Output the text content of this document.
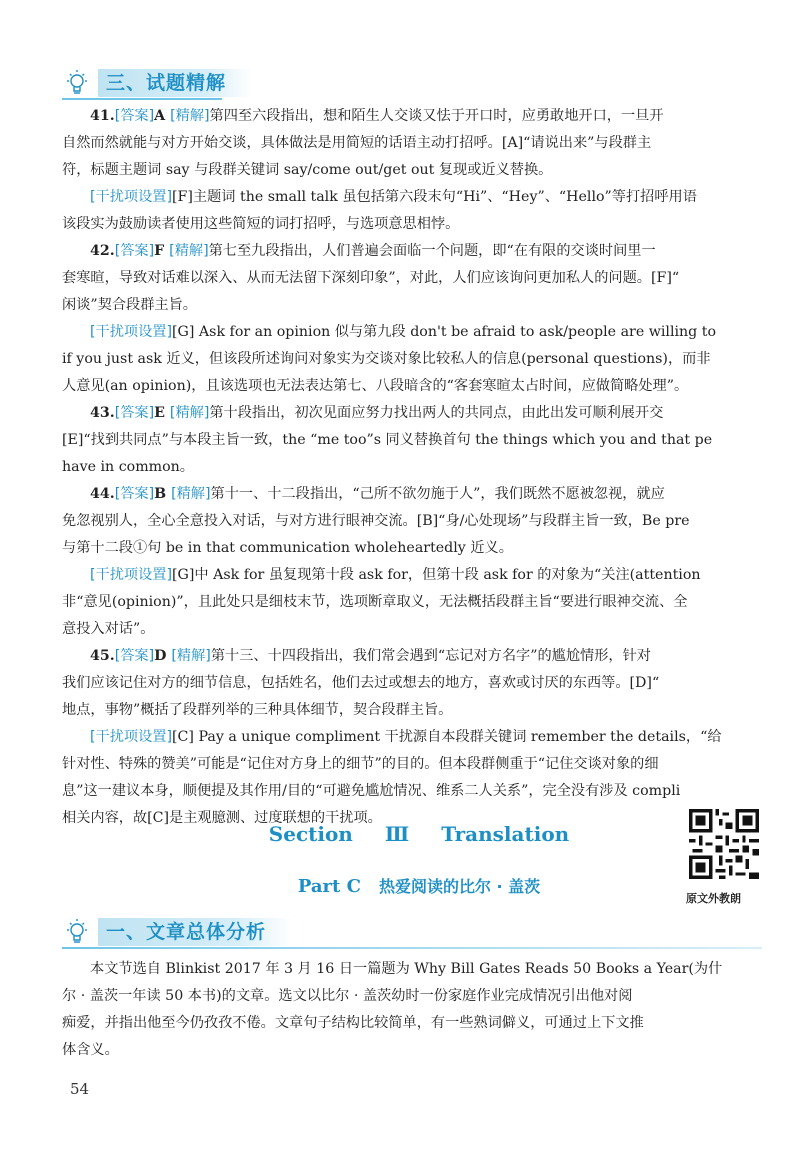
三、试题精解
41.[答案]A [精解]第四至六段指出，想和陌生人交谈又怯于开口时，应勇敢地开口，一旦开
自然而然就能与对方开始交谈，具体做法是用简短的话语主动打招呼。[A]“请说出来”与段群主
符，标题主题词 say 与段群关键词 say/come out/get out 复现或近义替换。
[干扰项设置][F]主题词 the small talk 虽包括第六段末句“Hi”、“Hey”、“Hello”等打招呼用语
该段实为鼓励读者使用这些简短的词打招呼，与选项意思相悖。
42.[答案]F [精解]第七至九段指出，人们普遍会面临一个问题，即“在有限的交谈时间里一
套寒暄，导致对话难以深入、从而无法留下深刻印象”，对此，人们应该询问更加私人的问题。[F]“
闲谈”契合段群主旨。
[干扰项设置][G] Ask for an opinion 似与第九段 don't be afraid to ask/people are willing to
if you just ask 近义，但该段所述询问对象实为交谈对象比较私人的信息(personal questions)，而非
人意见(an opinion)，且该选项也无法表达第七、八段暗含的“客套寒暄太占时间，应做简略处理”。
43.[答案]E [精解]第十段指出，初次见面应努力找出两人的共同点，由此出发可顺利展开交
[E]“找到共同点”与本段主旨一致，the “me too”s 同义替换首句 the things which you and that pe
have in common。
44.[答案]B [精解]第十一、十二段指出，“己所不欲勿施于人”，我们既然不愿被忽视，就应
免忽视别人，全心全意投入对话，与对方进行眼神交流。[B]“身/心处现场”与段群主旨一致，Be pre
与第十二段①句 be in that communication wholeheartedly 近义。
[干扰项设置][G]中 Ask for 虽复现第十段 ask for，但第十段 ask for 的对象为“关注(attention
非“意见(opinion)”，且此处只是细枝末节，选项断章取义，无法概括段群主旨“要进行眼神交流、全
意投入对话”。
45.[答案]D [精解]第十三、十四段指出，我们常会遇到“忘记对方名字”的尴尬情形，针对
我们应该记住对方的细节信息，包括姓名，他们去过或想去的地方，喜欢或讨厌的东西等。[D]“
地点，事物”概括了段群列举的三种具体细节，契合段群主旨。
[干扰项设置][C] Pay a unique compliment 干扰源自本段群关键词 remember the details，“给
针对性、特殊的赞美”可能是“记住对方身上的细节”的目的。但本段群侧重于“记住交谈对象的细
息”这一建议本身，顺便提及其作用/目的“可避免尴尬情况、维系二人关系”，完全没有涉及 compli
相关内容，故[C]是主观臆测、过度联想的干扰项。
Section Ⅲ Translation
Part C 热爱阅读的比尔 · 盖茨
原文外教朗
一、文章总体分析
本文节选自 Blinkist 2017 年 3 月 16 日一篇题为 Why Bill Gates Reads 50 Books a Year(为什
尔 · 盖茨一年读 50 本书)的文章。选文以比尔 · 盖茨幼时一份家庭作业完成情况引出他对阅
痴爱，并指出他至今仍孜孜不倦。文章句子结构比较简单，有一些熟词僻义，可通过上下文推
体含义。
54
